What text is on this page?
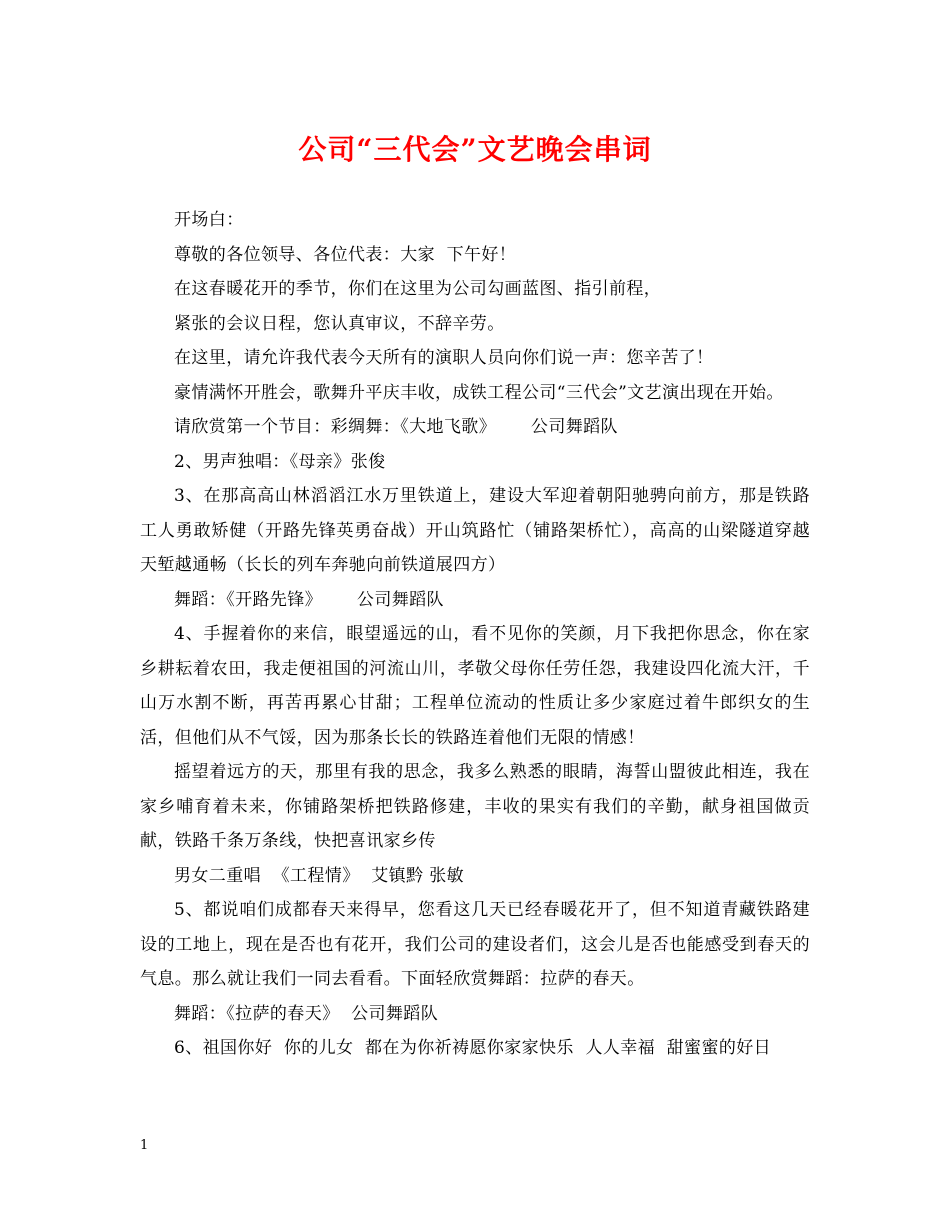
公司“三代会”文艺晚会串词

开场白：

尊敬的各位领导、各位代表：大家  下午好！

在这春暖花开的季节，你们在这里为公司勾画蓝图、指引前程，

紧张的会议日程，您认真审议，不辞辛劳。

在这里，请允许我代表今天所有的演职人员向你们说一声：您辛苦了！

豪情满怀开胜会，歌舞升平庆丰收，成铁工程公司“三代会”文艺演出现在开始。

请欣赏第一个节目：彩绸舞：《大地飞歌》      公司舞蹈队

2、男声独唱：《母亲》张俊

3、在那高高山林滔滔江水万里铁道上，建设大军迎着朝阳驰骋向前方，那是铁路工人勇敢矫健（开路先锋英勇奋战）开山筑路忙（铺路架桥忙），高高的山梁隧道穿越天堑越通畅（长长的列车奔驰向前铁道展四方）

舞蹈：《开路先锋》      公司舞蹈队

4、手握着你的来信，眼望遥远的山，看不见你的笑颜，月下我把你思念，你在家乡耕耘着农田，我走便祖国的河流山川，孝敬父母你任劳任怨，我建设四化流大汗，千山万水割不断，再苦再累心甘甜；工程单位流动的性质让多少家庭过着牛郎织女的生活，但他们从不气馁，因为那条长长的铁路连着他们无限的情感！

摇望着远方的天，那里有我的思念，我多么熟悉的眼睛，海誓山盟彼此相连，我在家乡哺育着未来，你铺路架桥把铁路修建，丰收的果实有我们的辛勤，献身祖国做贡献，铁路千条万条线，快把喜讯家乡传

男女二重唱  《工程情》  艾镇黔 张敏

5、都说咱们成都春天来得早，您看这几天已经春暖花开了，但不知道青藏铁路建设的工地上，现在是否也有花开，我们公司的建设者们，这会儿是否也能感受到春天的气息。那么就让我们一同去看看。下面轻欣赏舞蹈：拉萨的春天。

舞蹈：《拉萨的春天》  公司舞蹈队

6、祖国你好  你的儿女  都在为你祈祷愿你家家快乐  人人幸福  甜蜜蜜的好日

1
